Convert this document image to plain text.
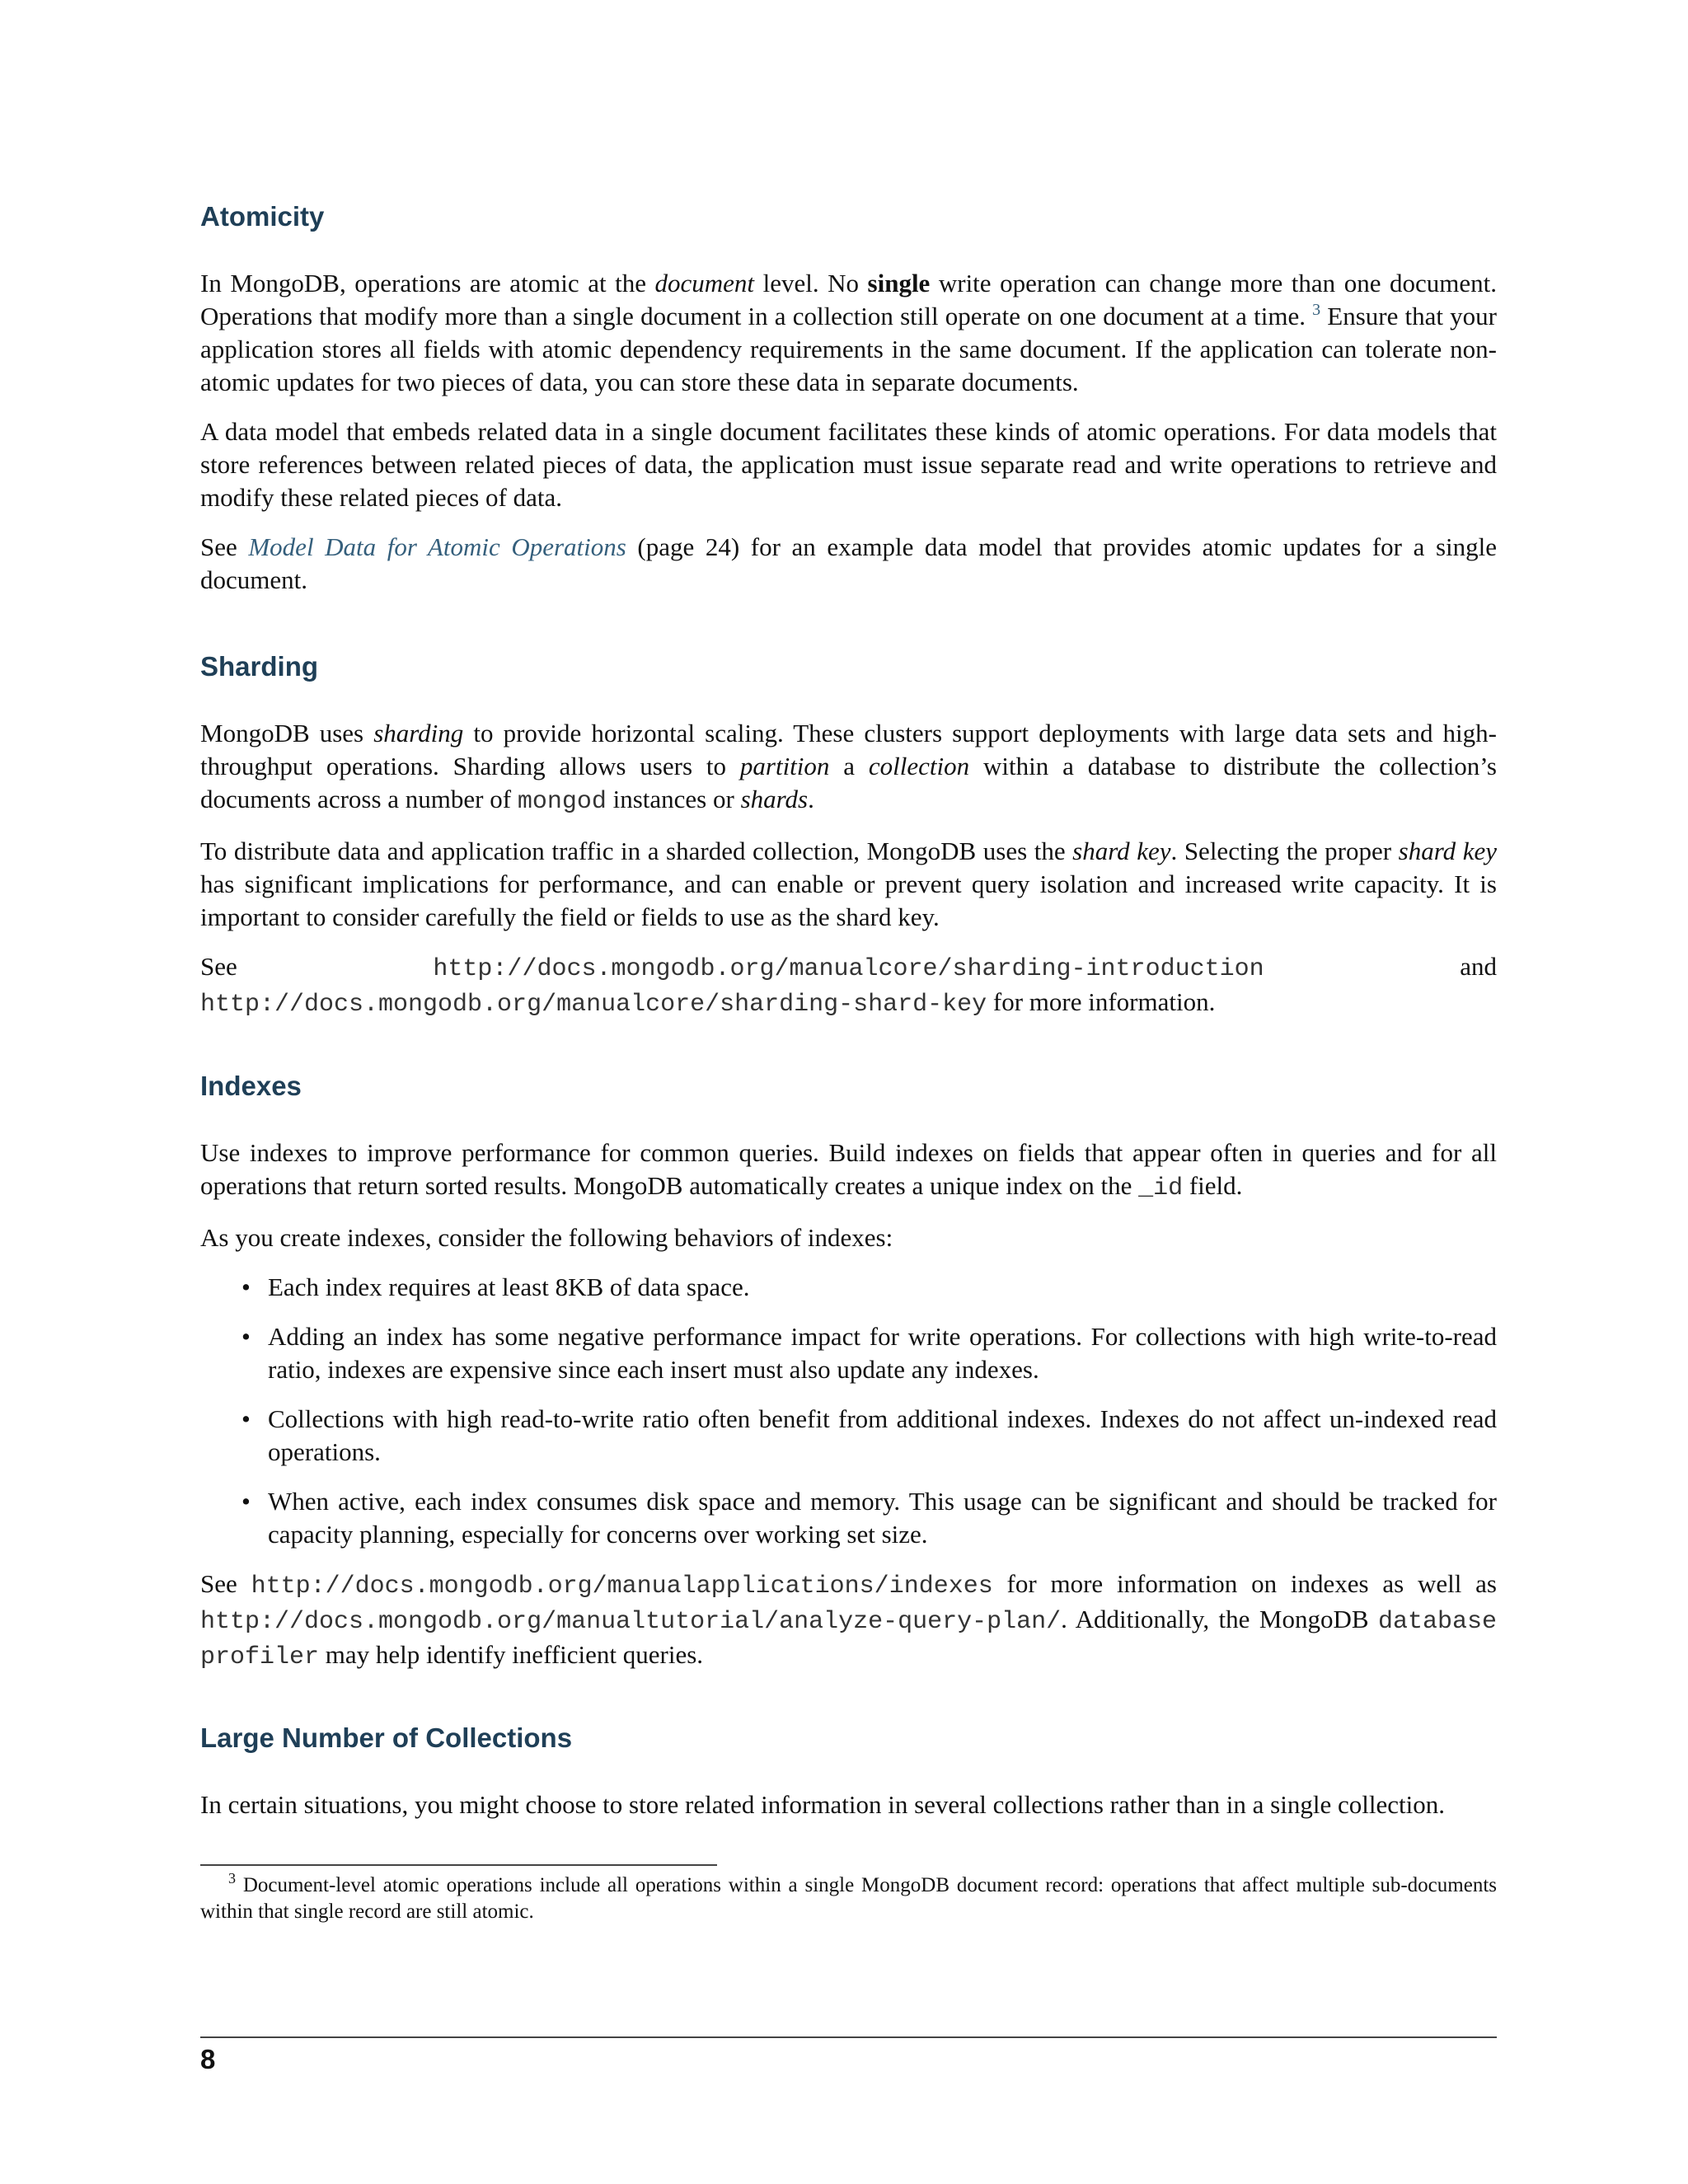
Atomicity

In MongoDB, operations are atomic at the document level. No single write operation can change more than one document. Operations that modify more than a single document in a collection still operate on one document at a time. $^3$ Ensure that your application stores all fields with atomic dependency requirements in the same document. If the application can tolerate non-atomic updates for two pieces of data, you can store these data in separate documents.

A data model that embeds related data in a single document facilitates these kinds of atomic operations. For data models that store references between related pieces of data, the application must issue separate read and write operations to retrieve and modify these related pieces of data.

See Model Data for Atomic Operations (page 24) for an example data model that provides atomic updates for a single document.

Sharding

MongoDB uses sharding to provide horizontal scaling. These clusters support deployments with large data sets and high-throughput operations. Sharding allows users to partition a collection within a database to distribute the collection’s documents across a number of mongod instances or shards.

To distribute data and application traffic in a sharded collection, MongoDB uses the shard key. Selecting the proper shard key has significant implications for performance, and can enable or prevent query isolation and increased write capacity. It is important to consider carefully the field or fields to use as the shard key.

See http://docs.mongodb.org/manualcore/sharding-introduction and http://docs.mongodb.org/manualcore/sharding-shard-key for more information.

Indexes

Use indexes to improve performance for common queries. Build indexes on fields that appear often in queries and for all operations that return sorted results. MongoDB automatically creates a unique index on the _id field.

As you create indexes, consider the following behaviors of indexes:

• Each index requires at least 8KB of data space.
• Adding an index has some negative performance impact for write operations. For collections with high write-to-read ratio, indexes are expensive since each insert must also update any indexes.
• Collections with high read-to-write ratio often benefit from additional indexes. Indexes do not affect un-indexed read operations.
• When active, each index consumes disk space and memory. This usage can be significant and should be tracked for capacity planning, especially for concerns over working set size.

See http://docs.mongodb.org/manualapplications/indexes for more information on indexes as well as http://docs.mongodb.org/manualtutorial/analyze-query-plan/. Additionally, the MongoDB database profiler may help identify inefficient queries.

Large Number of Collections

In certain situations, you might choose to store related information in several collections rather than in a single collection.

$^3$ Document-level atomic operations include all operations within a single MongoDB document record: operations that affect multiple sub-documents within that single record are still atomic.
8
